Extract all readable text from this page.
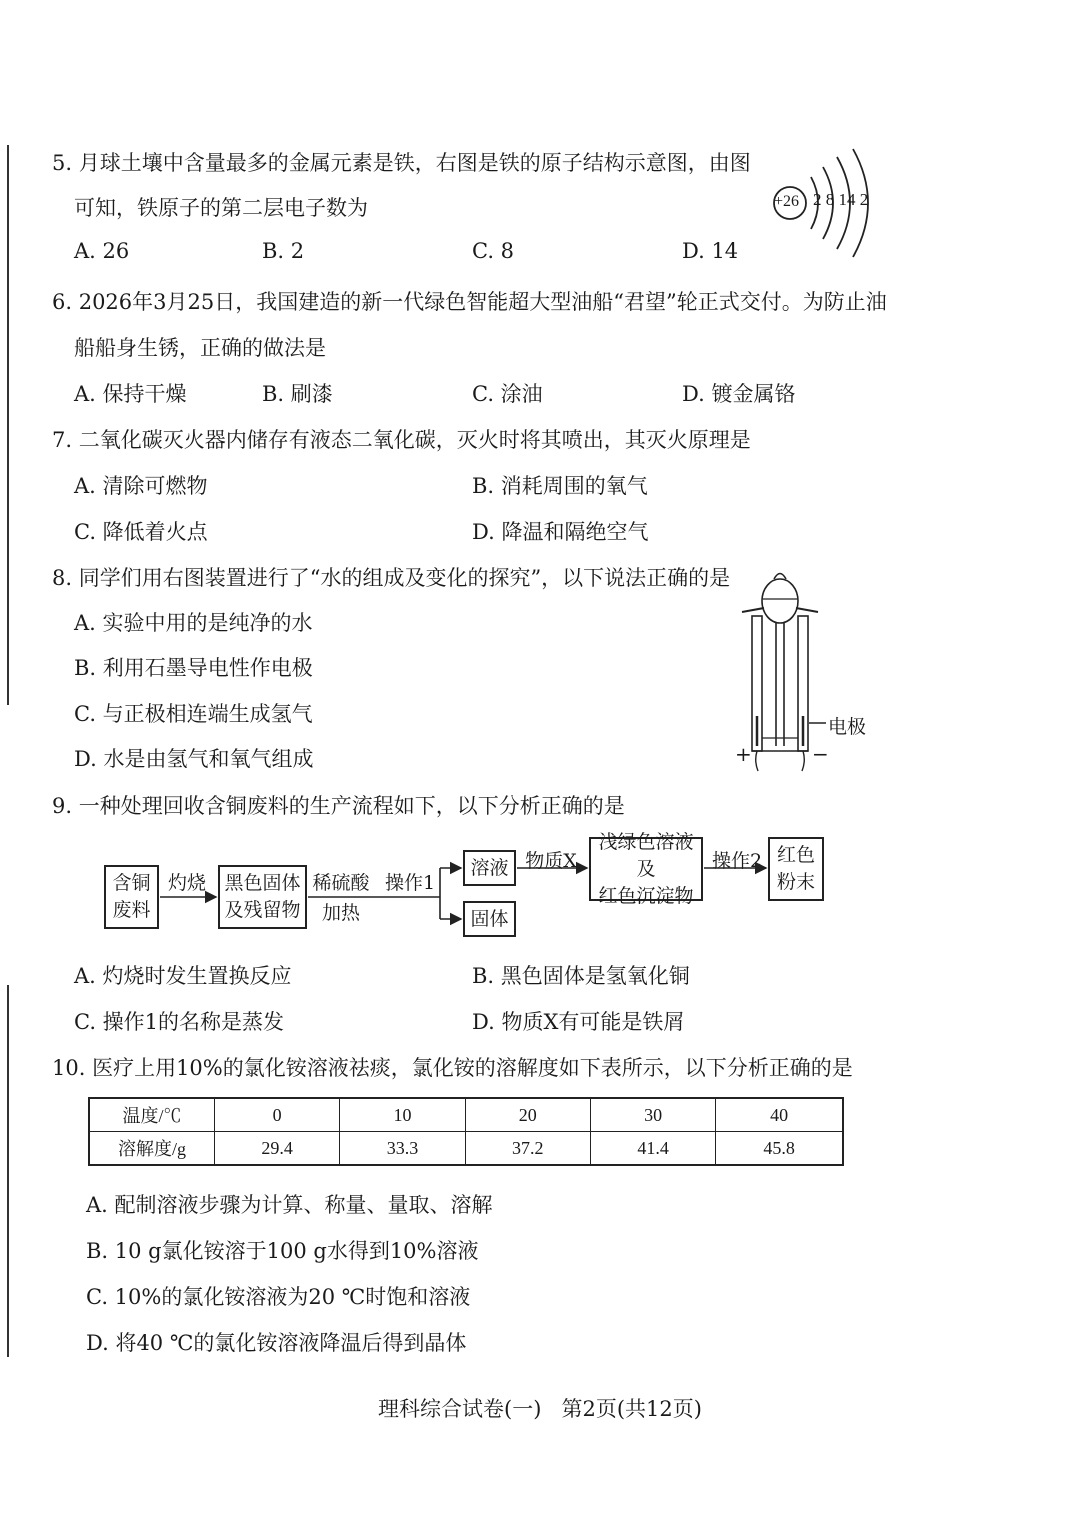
5. 月球土壤中含量最多的金属元素是铁，右图是铁的原子结构示意图，由图
可知，铁原子的第二层电子数为
A. 26	B. 2	C. 8	D. 14
+26 2 8 14 2
6. 2026年3月25日，我国建造的新一代绿色智能超大型油船“君望”轮正式交付。为防止油
船船身生锈，正确的做法是
A. 保持干燥	B. 刷漆	C. 涂油	D. 镀金属铬
7. 二氧化碳灭火器内储存有液态二氧化碳，灭火时将其喷出，其灭火原理是
A. 清除可燃物	B. 消耗周围的氧气
C. 降低着火点	D. 降温和隔绝空气
8. 同学们用右图装置进行了“水的组成及变化的探究”，以下说法正确的是
A. 实验中用的是纯净的水
B. 利用石墨导电性作电极
C. 与正极相连端生成氢气
D. 水是由氢气和氧气组成
电极
+	−
9. 一种处理回收含铜废料的生产流程如下，以下分析正确的是
含铜
废料
灼烧 黑色固体
及残留物
稀硫酸
加热
操作1
溶液
固体
物质X
浅绿色溶液及
红色沉淀物
操作2 红色
粉末
A. 灼烧时发生置换反应	B. 黑色固体是氢氧化铜
C. 操作1的名称是蒸发	D. 物质X有可能是铁屑
10. 医疗上用10%的氯化铵溶液祛痰，氯化铵的溶解度如下表所示，以下分析正确的是
温度/℃	0	10	20	30	40
溶解度/g	29.4	33.3	37.2	41.4	45.8
A. 配制溶液步骤为计算、称量、量取、溶解
B. 10 g氯化铵溶于100 g水得到10%溶液
C. 10%的氯化铵溶液为20 ℃时饱和溶液
D. 将40 ℃的氯化铵溶液降温后得到晶体
理科综合试卷(一)   第2页(共12页)
